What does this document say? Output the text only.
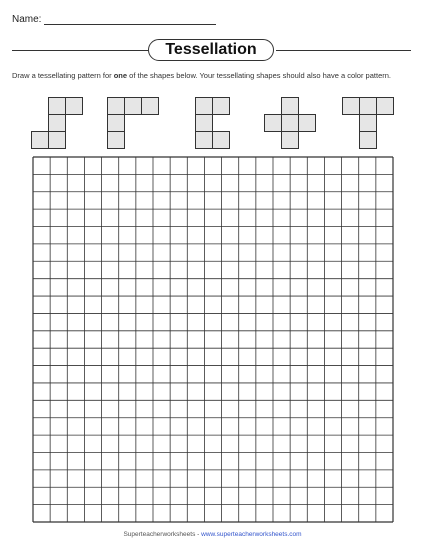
Name:
Tessellation
Draw a tessellating pattern for one of the shapes below. Your tessellating shapes should also have a color pattern.
Superteacherworksheets - www.superteacherworksheets.com
